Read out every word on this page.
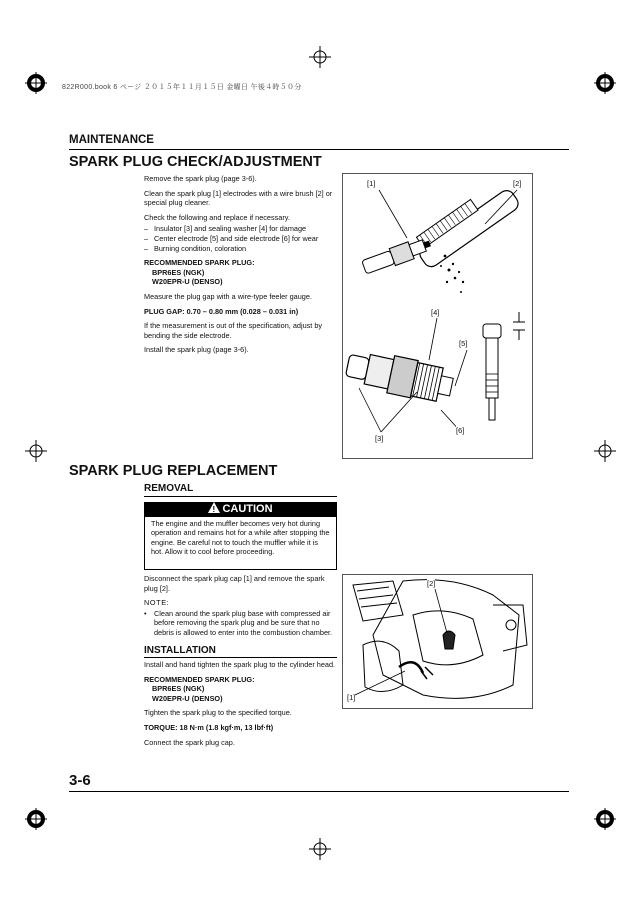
822R000.book 6 ページ ２０１５年１１月１５日 金曜日 午後４時５０分
MAINTENANCE
SPARK PLUG CHECK/ADJUSTMENT

Remove the spark plug (page 3-6).

Clean the spark plug [1] electrodes with a wire brush [2] or special plug cleaner.

Check the following and replace if necessary.

– Insulator [3] and sealing washer [4] for damage
– Center electrode [5] and side electrode [6] for wear
– Burning condition, coloration

RECOMMENDED SPARK PLUG:

BPR6ES (NGK)

W20EPR-U (DENSO)

Measure the plug gap with a wire-type feeler gauge.

PLUG GAP: 0.70 – 0.80 mm (0.028 – 0.031 in)

If the measurement is out of the specification, adjust by bending the side electrode.

Install the spark plug (page 3-6).

[1]	[2]
[4]
[5]
[6]
[3]
SPARK PLUG REPLACEMENT
REMOVAL
!CAUTION
The engine and the muffler becomes very hot during operation and remains hot for a while after stopping the engine. Be careful not to touch the muffler while it is hot. Allow it to cool before proceeding.

Disconnect the spark plug cap [1] and remove the spark plug [2].

NOTE:

• Clean around the spark plug base with compressed air before removing the spark plug and be sure that no debris is allowed to enter into the combustion chamber.
INSTALLATION

Install and hand tighten the spark plug to the cylinder head.

RECOMMENDED SPARK PLUG:

BPR6ES (NGK)

W20EPR-U (DENSO)

Tighten the spark plug to the specified torque.

TORQUE: 18 N·m (1.8 kgf·m, 13 lbf·ft)

Connect the spark plug cap.

[2]
[1]
3-6
